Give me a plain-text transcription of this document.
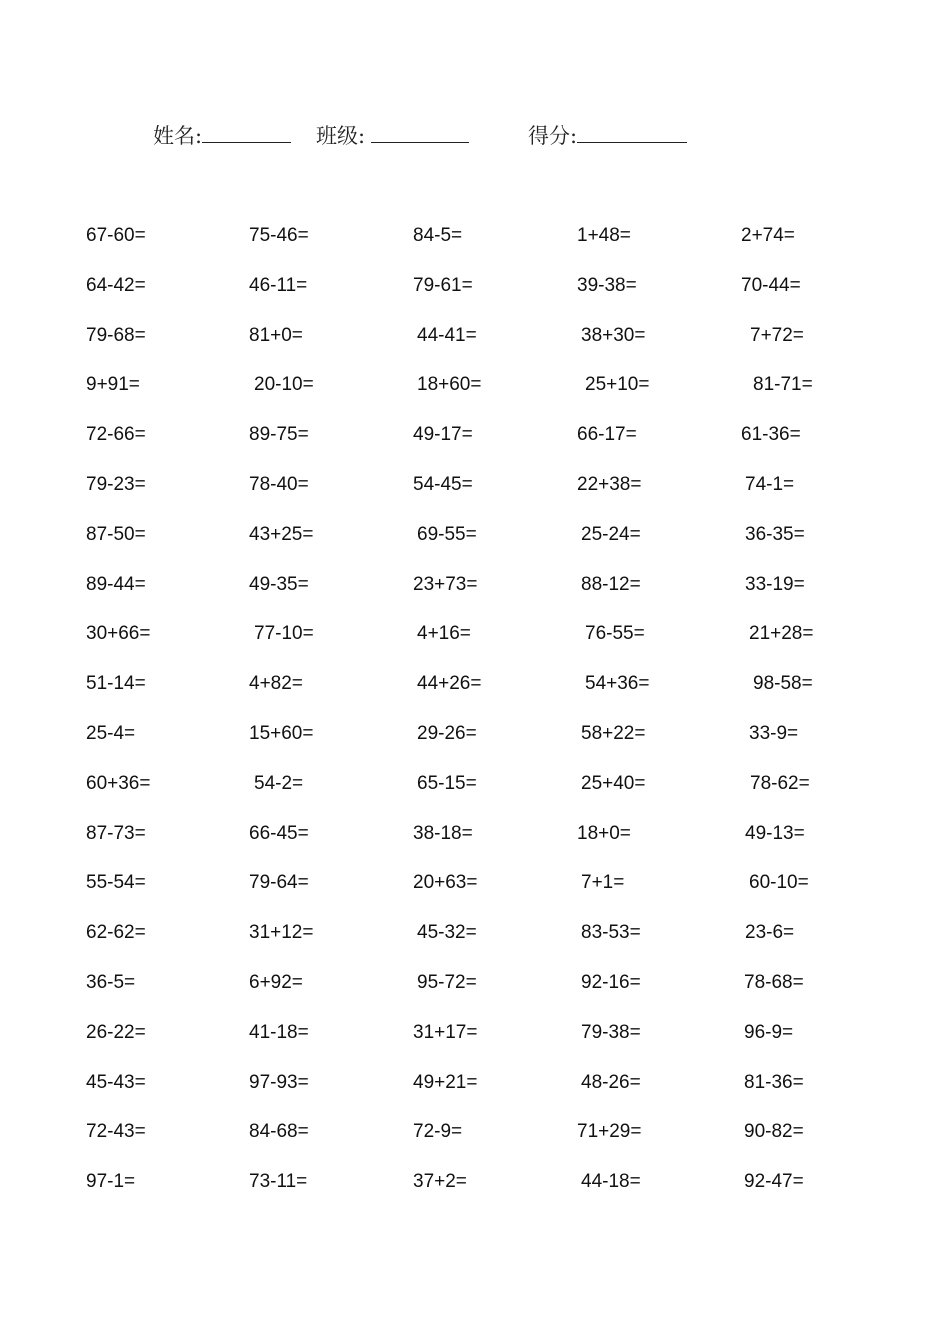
姓名:	班级:	得分:
67-60=	75-46=	84-5=	1+48=	2+74=
64-42=	46-11=	79-61=	39-38=	70-44=
79-68=	81+0=	44-41=	38+30=	7+72=
9+91=	20-10=	18+60=	25+10=	81-71=
72-66=	89-75=	49-17=	66-17=	61-36=
79-23=	78-40=	54-45=	22+38=	74-1=
87-50=	43+25=	69-55=	25-24=	36-35=
89-44=	49-35=	23+73=	88-12=	33-19=
30+66=	77-10=	4+16=	76-55=	21+28=
51-14=	4+82=	44+26=	54+36=	98-58=
25-4=	15+60=	29-26=	58+22=	33-9=
60+36=	54-2=	65-15=	25+40=	78-62=
87-73=	66-45=	38-18=	18+0=	49-13=
55-54=	79-64=	20+63=	7+1=	60-10=
62-62=	31+12=	45-32=	83-53=	23-6=
36-5=	6+92=	95-72=	92-16=	78-68=
26-22=	41-18=	31+17=	79-38=	96-9=
45-43=	97-93=	49+21=	48-26=	81-36=
72-43=	84-68=	72-9=	71+29=	90-82=
97-1=	73-11=	37+2=	44-18=	92-47=
